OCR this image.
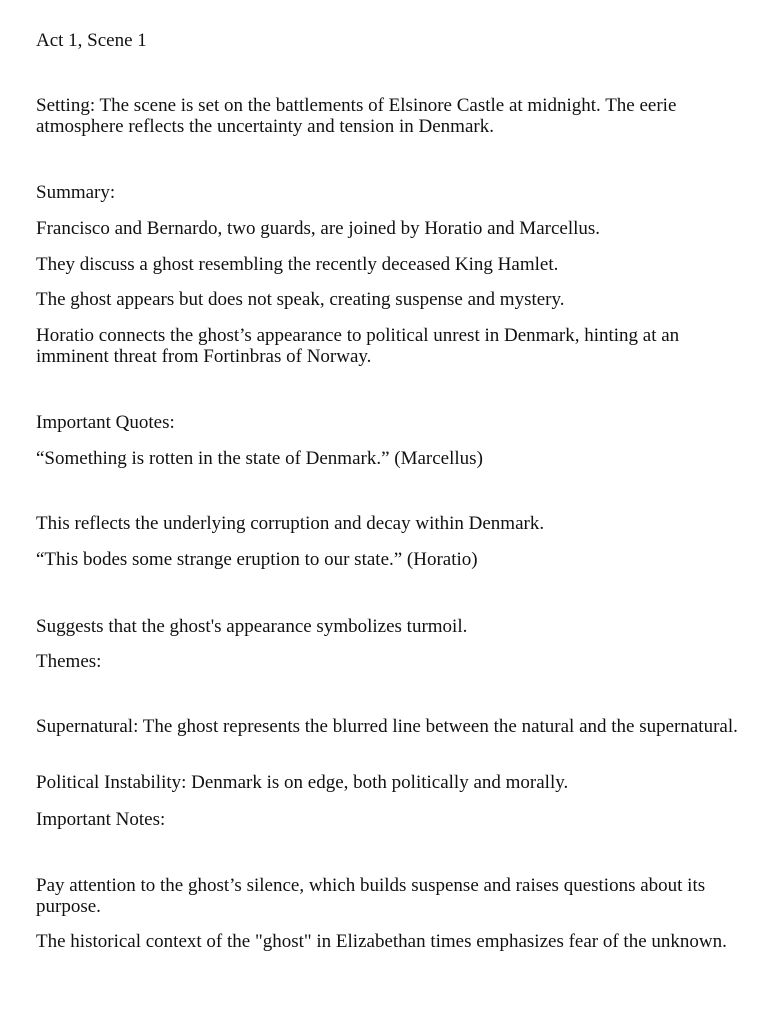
Act 1, Scene 1

Setting: The scene is set on the battlements of Elsinore Castle at midnight. The eerie atmosphere reflects the uncertainty and tension in Denmark.

Summary:

Francisco and Bernardo, two guards, are joined by Horatio and Marcellus.

They discuss a ghost resembling the recently deceased King Hamlet.

The ghost appears but does not speak, creating suspense and mystery.

Horatio connects the ghost’s appearance to political unrest in Denmark, hinting at an imminent threat from Fortinbras of Norway.

Important Quotes:

“Something is rotten in the state of Denmark.” (Marcellus)

This reflects the underlying corruption and decay within Denmark.

“This bodes some strange eruption to our state.” (Horatio)

Suggests that the ghost's appearance symbolizes turmoil.

Themes:

Supernatural: The ghost represents the blurred line between the natural and the supernatural.

Political Instability: Denmark is on edge, both politically and morally.

Important Notes:

Pay attention to the ghost’s silence, which builds suspense and raises questions about its purpose.

The historical context of the "ghost" in Elizabethan times emphasizes fear of the unknown.
